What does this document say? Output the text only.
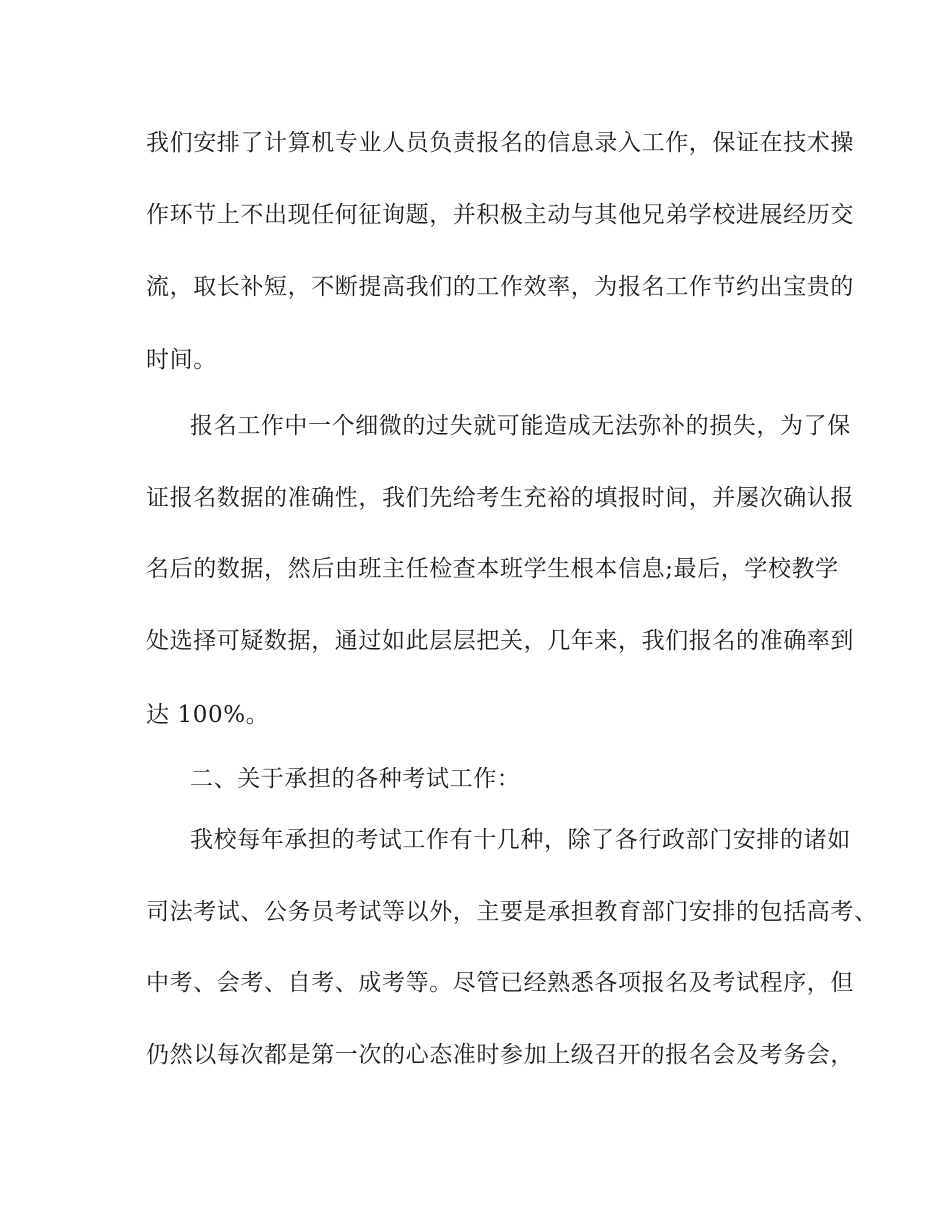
我们安排了计算机专业人员负责报名的信息录入工作，保证在技术操

作环节上不出现任何征询题，并积极主动与其他兄弟学校进展经历交

流，取长补短，不断提高我们的工作效率，为报名工作节约出宝贵的

时间。

报名工作中一个细微的过失就可能造成无法弥补的损失，为了保

证报名数据的准确性，我们先给考生充裕的填报时间，并屡次确认报

名后的数据，然后由班主任检查本班学生根本信息;最后，学校教学

处选择可疑数据，通过如此层层把关，几年来，我们报名的准确率到

达 100%。

二、关于承担的各种考试工作：

我校每年承担的考试工作有十几种，除了各行政部门安排的诸如

司法考试、公务员考试等以外，主要是承担教育部门安排的包括高考、

中考、会考、自考、成考等。尽管已经熟悉各项报名及考试程序，但

仍然以每次都是第一次的心态准时参加上级召开的报名会及考务会，
